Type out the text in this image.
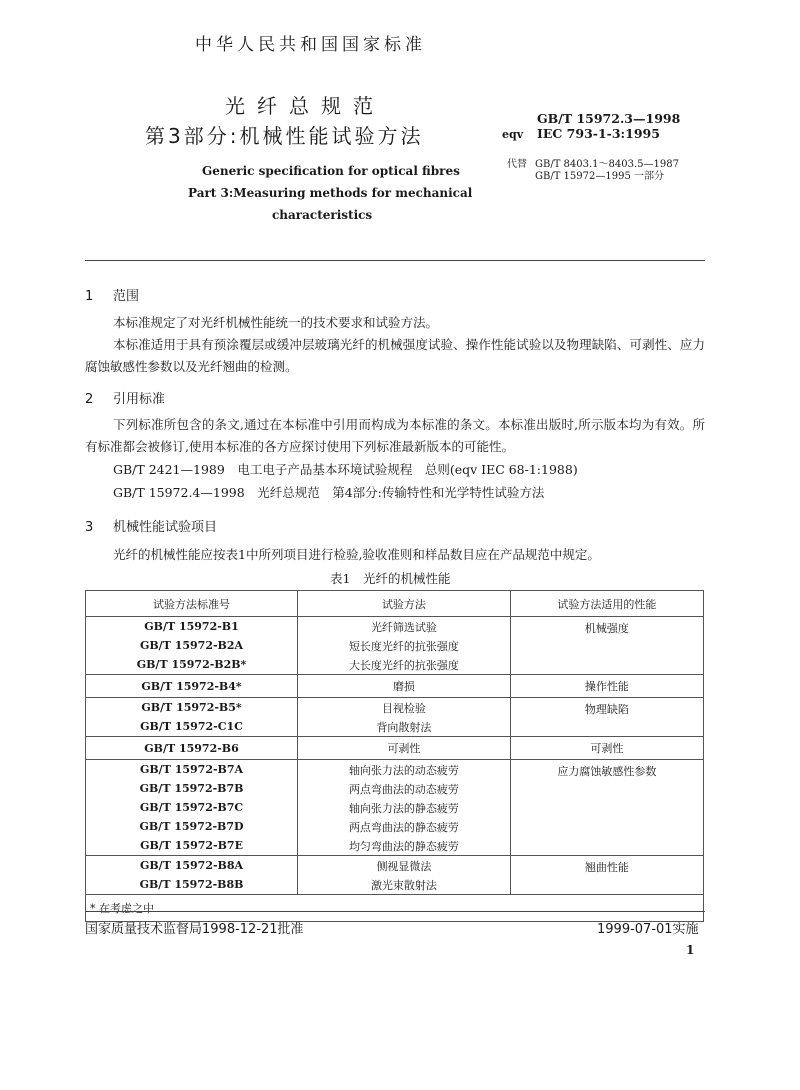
中华人民共和国国家标准
光纤总规范
第3部分:机械性能试验方法
GB/T 15972.3—1998
eqv IEC 793-1-3:1995
代替 GB/T 8403.1～8403.5—1987
GB/T 15972—1995 一部分
Generic specification for optical fibres
Part 3:Measuring methods for mechanical
characteristics
1 范围

本标准规定了对光纤机械性能统一的技术要求和试验方法。

本标准适用于具有预涂覆层或缓冲层玻璃光纤的机械强度试验、操作性能试验以及物理缺陷、可剥性、应力腐蚀敏感性参数以及光纤翘曲的检测。

2 引用标准

下列标准所包含的条文,通过在本标准中引用而构成为本标准的条文。本标准出版时,所示版本均为有效。所有标准都会被修订,使用本标准的各方应探讨使用下列标准最新版本的可能性。

GB/T 2421—1989　电工电子产品基本环境试验规程　总则(eqv IEC 68-1:1988)
GB/T 15972.4—1998　光纤总规范　第4部分:传输特性和光学特性试验方法
3 机械性能试验项目

光纤的机械性能应按表1中所列项目进行检验,验收准则和样品数目应在产品规范中规定。

表1　光纤的机械性能
试验方法标准号	试验方法	试验方法适用的性能
GB/T 15972-B1	光纤筛选试验	机械强度
GB/T 15972-B2A	短长度光纤的抗张强度	
GB/T 15972-B2B*	大长度光纤的抗张强度	
GB/T 15972-B4*	磨损	操作性能
GB/T 15972-B5*	目视检验	物理缺陷
GB/T 15972-C1C	背向散射法	
GB/T 15972-B6	可剥性	可剥性
GB/T 15972-B7A	轴向张力法的动态疲劳	应力腐蚀敏感性参数
GB/T 15972-B7B	两点弯曲法的动态疲劳	
GB/T 15972-B7C	轴向张力法的静态疲劳	
GB/T 15972-B7D	两点弯曲法的静态疲劳	
GB/T 15972-B7E	均匀弯曲法的静态疲劳	
GB/T 15972-B8A	侧视显微法	翘曲性能
GB/T 15972-B8B	激光束散射法	
* 在考虑之中		
国家质量技术监督局1998-12-21批准	1999-07-01实施
1
